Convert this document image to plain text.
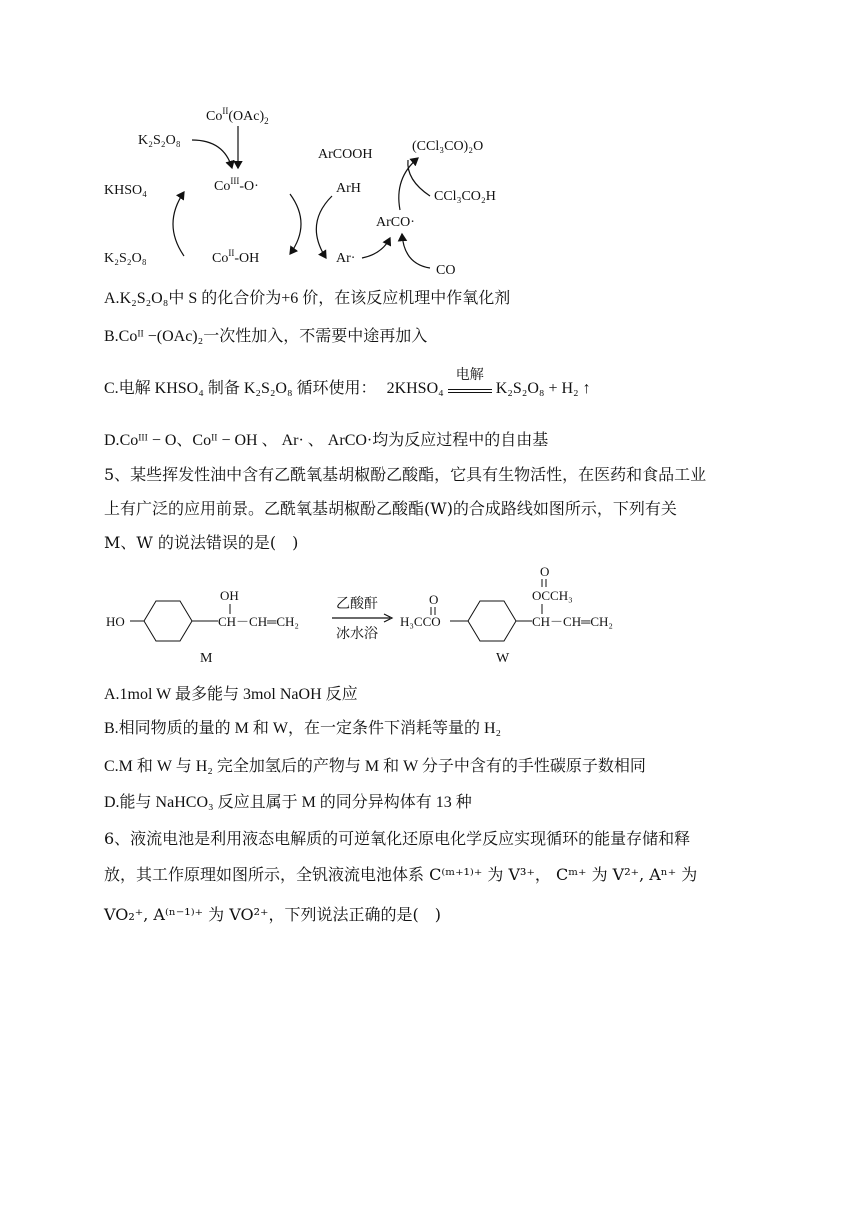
$Co^{II}(OAc)_2$
K₂S₂O₈
$Co^{III}-O\cdot$
KHSO₄
K₂S₂O₈	$Co^{II}-OH$
ArH
Ar·
ArCO·
CO
ArCOOH
(CCl₃CO)₂O
CCl₃CO₂H
A.K₂S₂O₈中 S 的化合价为+6 价，在该反应机理中作氧化剂
B.Coᴵᴵ −(OAc)₂一次性加入，不需要中途再加入
C.电解 KHSO₄ 制备 K₂S₂O₈ 循环使用： 2KHSO₄
电解
K₂S₂O₈ + H₂ ↑
D.Coᴵᴵᴵ − O、Coᴵᴵ − OH 、 Ar· 、 ArCO·均为反应过程中的自由基
5、某些挥发性油中含有乙酰氧基胡椒酚乙酸酯，它具有生物活性，在医药和食品工业
上有广泛的应用前景。乙酰氧基胡椒酚乙酸酯(W)的合成路线如图所示，下列有关
M、W 的说法错误的是(　)
HO
OH
CH－CH═CH₂
M
乙酸酐
冰水浴
O
H₃CCO
O
OCCH₃
CH－CH═CH₂
W
A.1mol W 最多能与 3mol NaOH 反应
B.相同物质的量的 M 和 W，在一定条件下消耗等量的 H₂
C.M 和 W 与 H₂ 完全加氢后的产物与 M 和 W 分子中含有的手性碳原子数相同
D.能与 NaHCO₃ 反应且属于 M 的同分异构体有 13 种
6、液流电池是利用液态电解质的可逆氧化还原电化学反应实现循环的能量存储和释
放，其工作原理如图所示，全钒液流电池体系 C⁽ᵐ⁺¹⁾⁺ 为 V³⁺， Cᵐ⁺ 为 V²⁺, Aⁿ⁺ 为
VO₂⁺, A⁽ⁿ⁻¹⁾⁺ 为 VO²⁺，下列说法正确的是(　)
